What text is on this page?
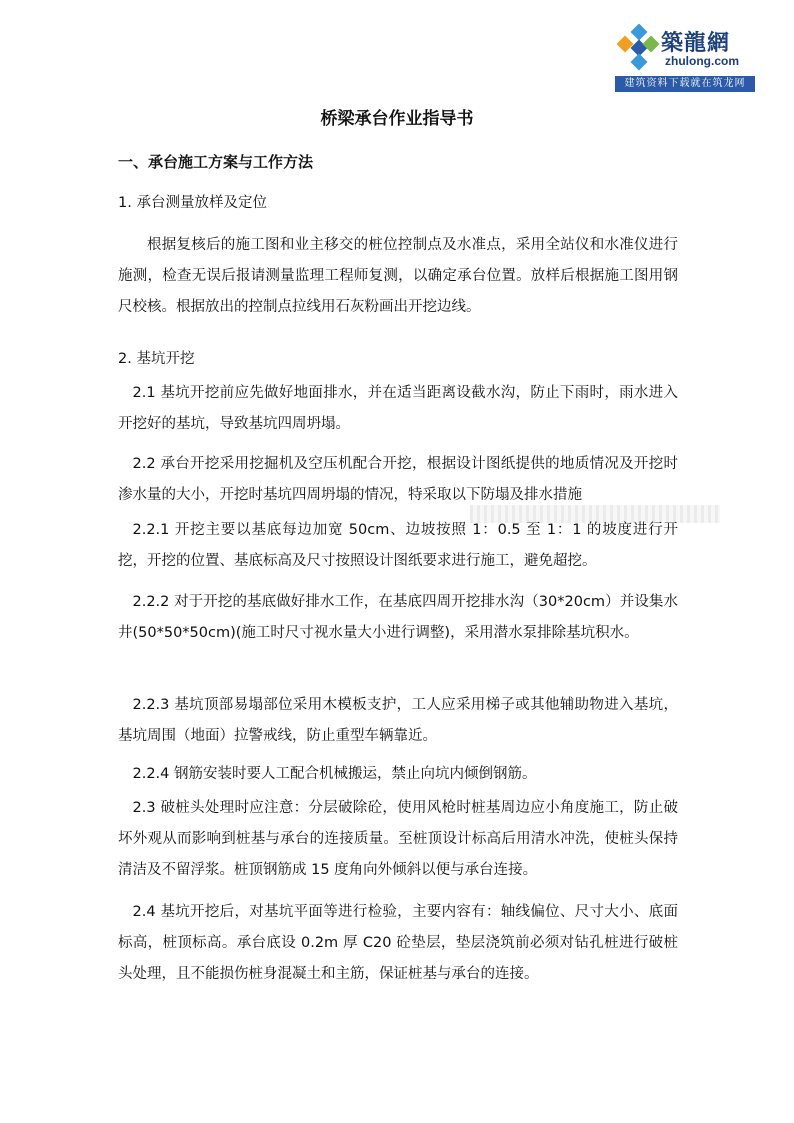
築龍網
zhulong.com
建筑资料下载就在筑龙网
桥梁承台作业指导书
一、承台施工方案与工作方法
1. 承台测量放样及定位
根据复核后的施工图和业主移交的桩位控制点及水准点，采用全站仪和水准仪进行施测，检查无误后报请测量监理工程师复测，以确定承台位置。放样后根据施工图用钢尺校核。根据放出的控制点拉线用石灰粉画出开挖边线。
2. 基坑开挖
2.1 基坑开挖前应先做好地面排水，并在适当距离设截水沟，防止下雨时，雨水进入开挖好的基坑，导致基坑四周坍塌。
2.2 承台开挖采用挖掘机及空压机配合开挖，根据设计图纸提供的地质情况及开挖时渗水量的大小，开挖时基坑四周坍塌的情况，特采取以下防塌及排水措施
2.2.1 开挖主要以基底每边加宽 50cm、边坡按照 1：0.5 至 1：1 的坡度进行开挖，开挖的位置、基底标高及尺寸按照设计图纸要求进行施工，避免超挖。
2.2.2 对于开挖的基底做好排水工作，在基底四周开挖排水沟（30*20cm）并设集水井(50*50*50cm)(施工时尺寸视水量大小进行调整)，采用潜水泵排除基坑积水。
2.2.3 基坑顶部易塌部位采用木模板支护，工人应采用梯子或其他辅助物进入基坑，基坑周围（地面）拉警戒线，防止重型车辆靠近。
2.2.4 钢筋安装时要人工配合机械搬运，禁止向坑内倾倒钢筋。
2.3 破桩头处理时应注意：分层破除砼，使用风枪时桩基周边应小角度施工，防止破坏外观从而影响到桩基与承台的连接质量。至桩顶设计标高后用清水冲洗，使桩头保持清洁及不留浮浆。桩顶钢筋成 15 度角向外倾斜以便与承台连接。
2.4 基坑开挖后，对基坑平面等进行检验，主要内容有：轴线偏位、尺寸大小、底面标高，桩顶标高。承台底设 0.2m 厚 C20 砼垫层，垫层浇筑前必须对钻孔桩进行破桩头处理，且不能损伤桩身混凝土和主筋，保证桩基与承台的连接。
